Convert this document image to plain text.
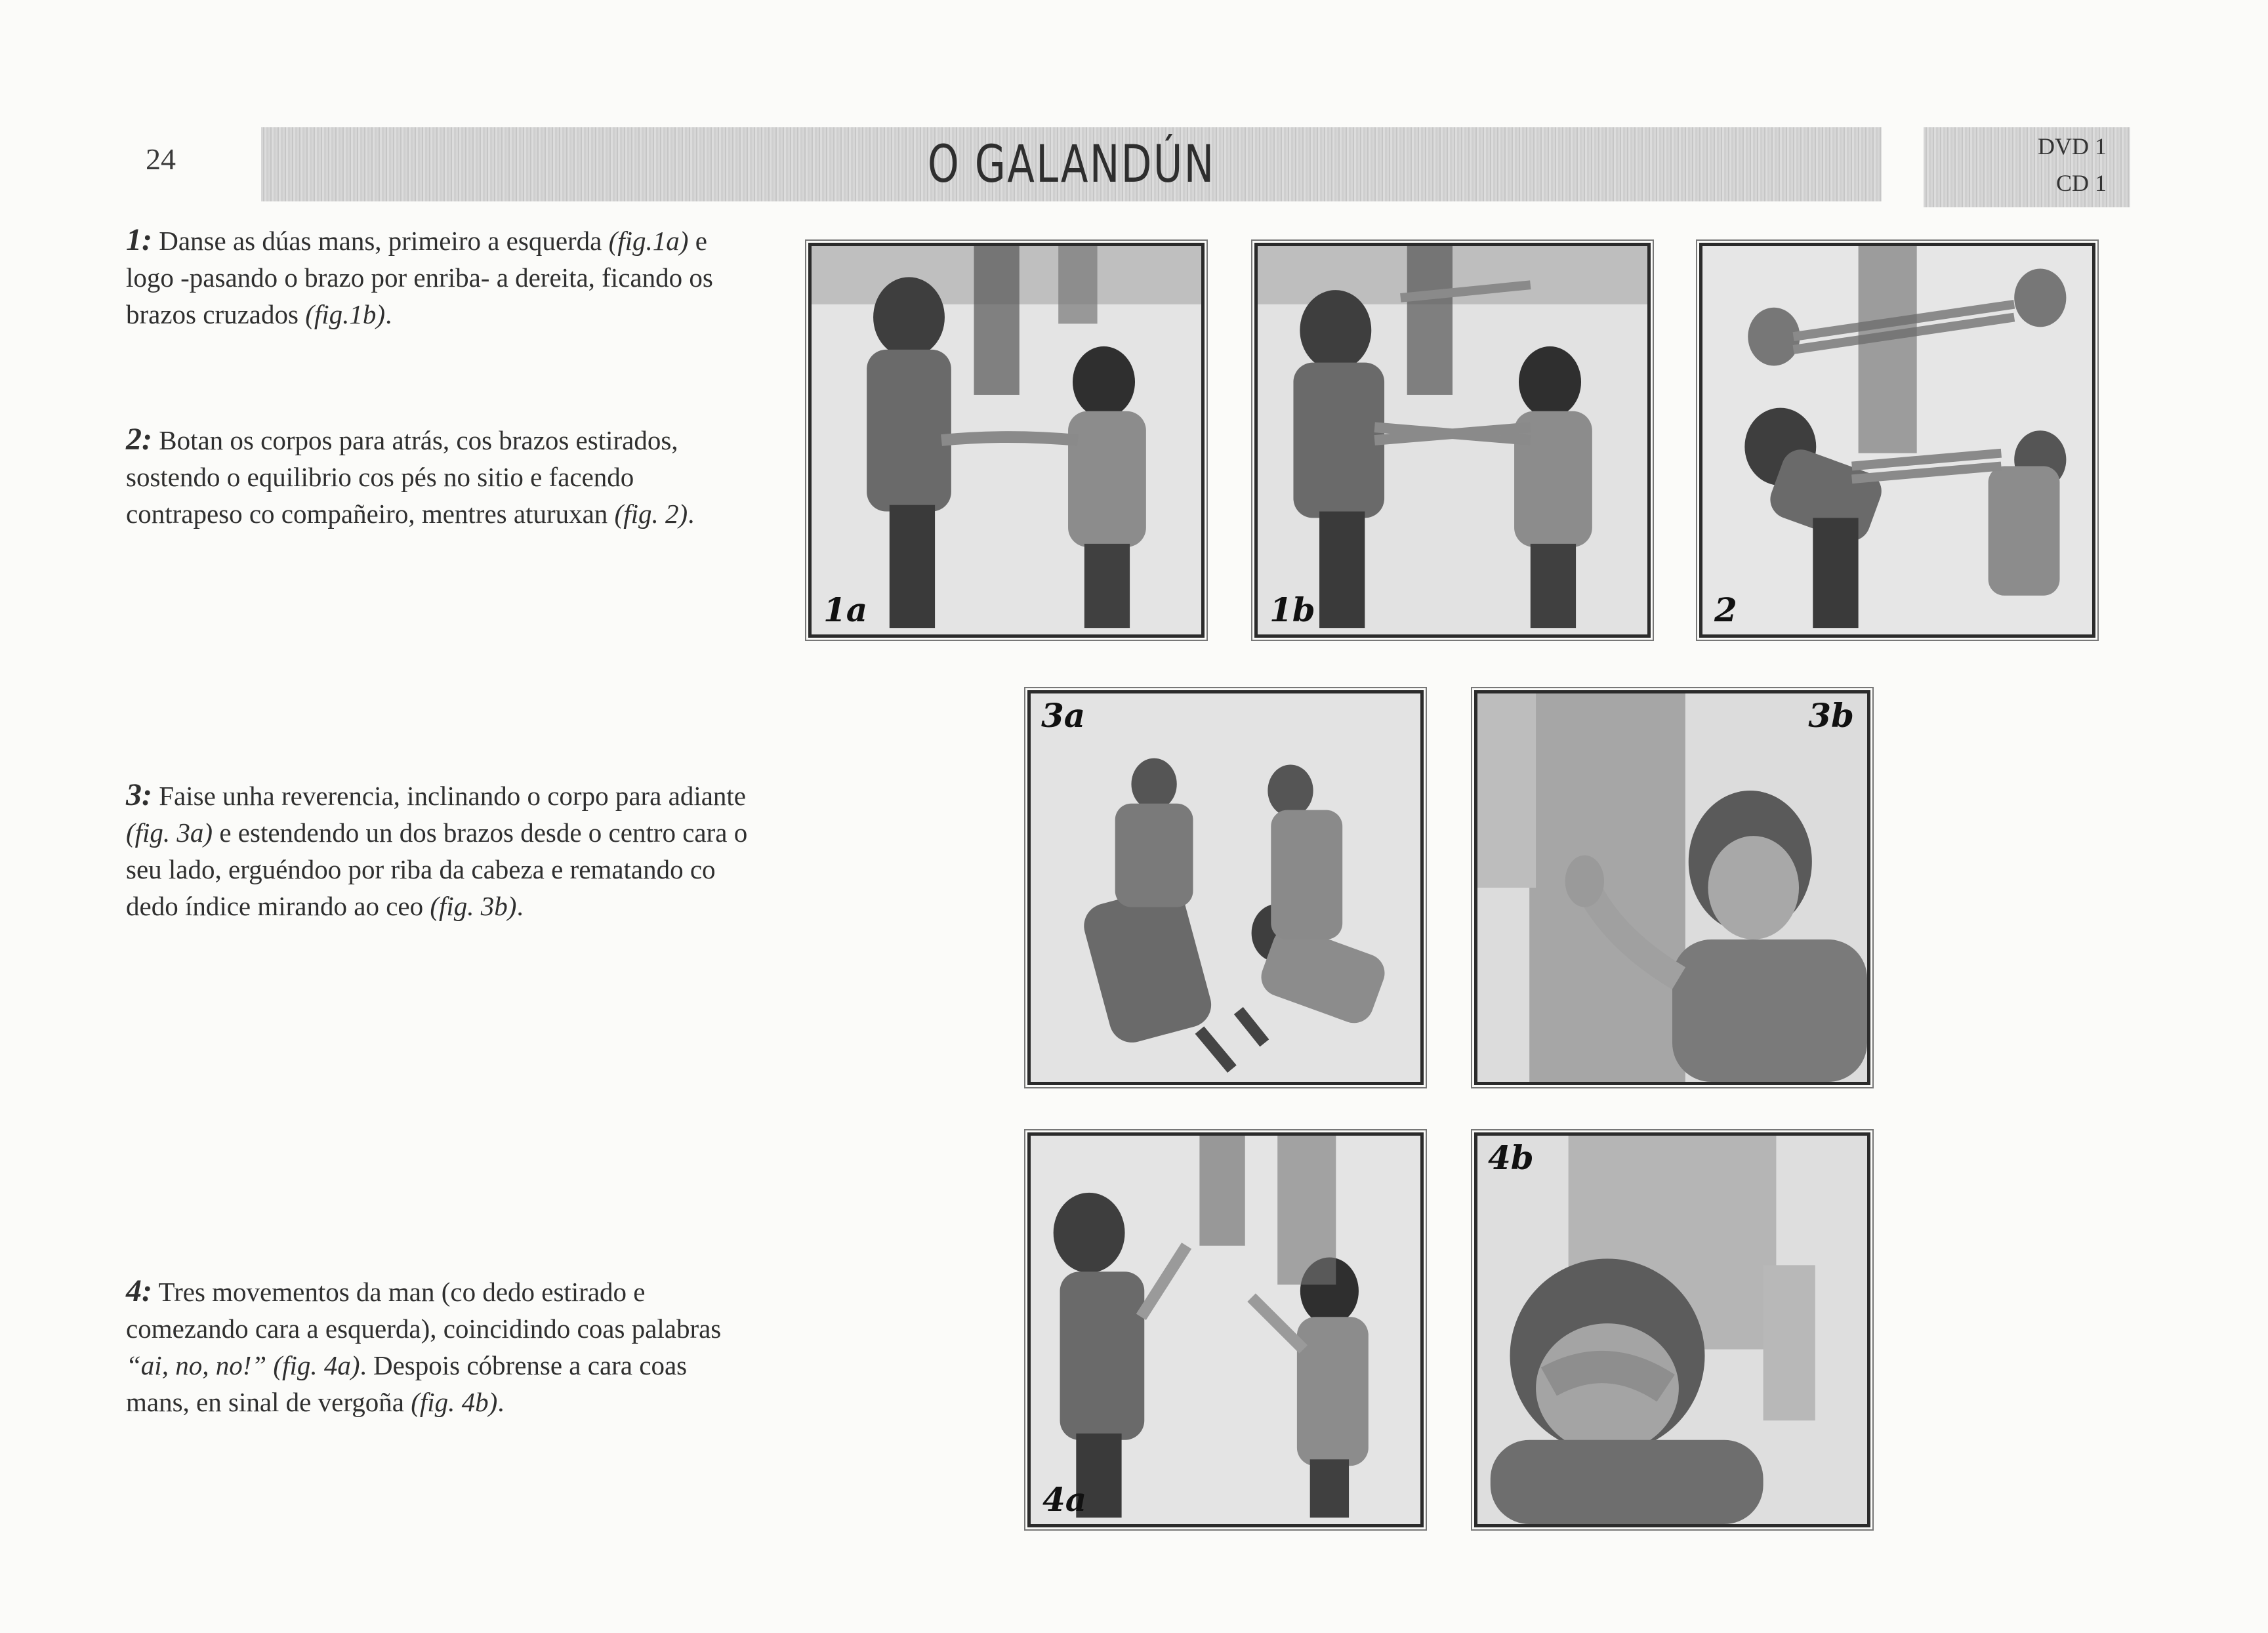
24	O GALANDÚN	DVD 1
CD 1

1: Danse as dúas mans, primeiro a esquerda (fig.1a) e logo -pasando o brazo por enriba- a dereita, ficando os brazos cruzados (fig.1b).

2: Botan os corpos para atrás, cos brazos estirados, sostendo o equilibrio cos pés no sitio e facendo contrapeso co compañeiro, mentres aturuxan (fig. 2).

3: Faise unha reverencia, inclinando o corpo para adiante (fig. 3a) e estendendo un dos brazos desde o centro cara o seu lado, erguéndoo por riba da cabeza e rematando co dedo índice mirando ao ceo (fig. 3b).

4: Tres movementos da man (co dedo estirado e comezando cara a esquerda), coincidindo coas palabras “ai, no, no!” (fig. 4a). Despois cóbrense a cara coas mans, en sinal de vergoña (fig. 4b).

1a	1b	2
3a	3b
4a
4b
